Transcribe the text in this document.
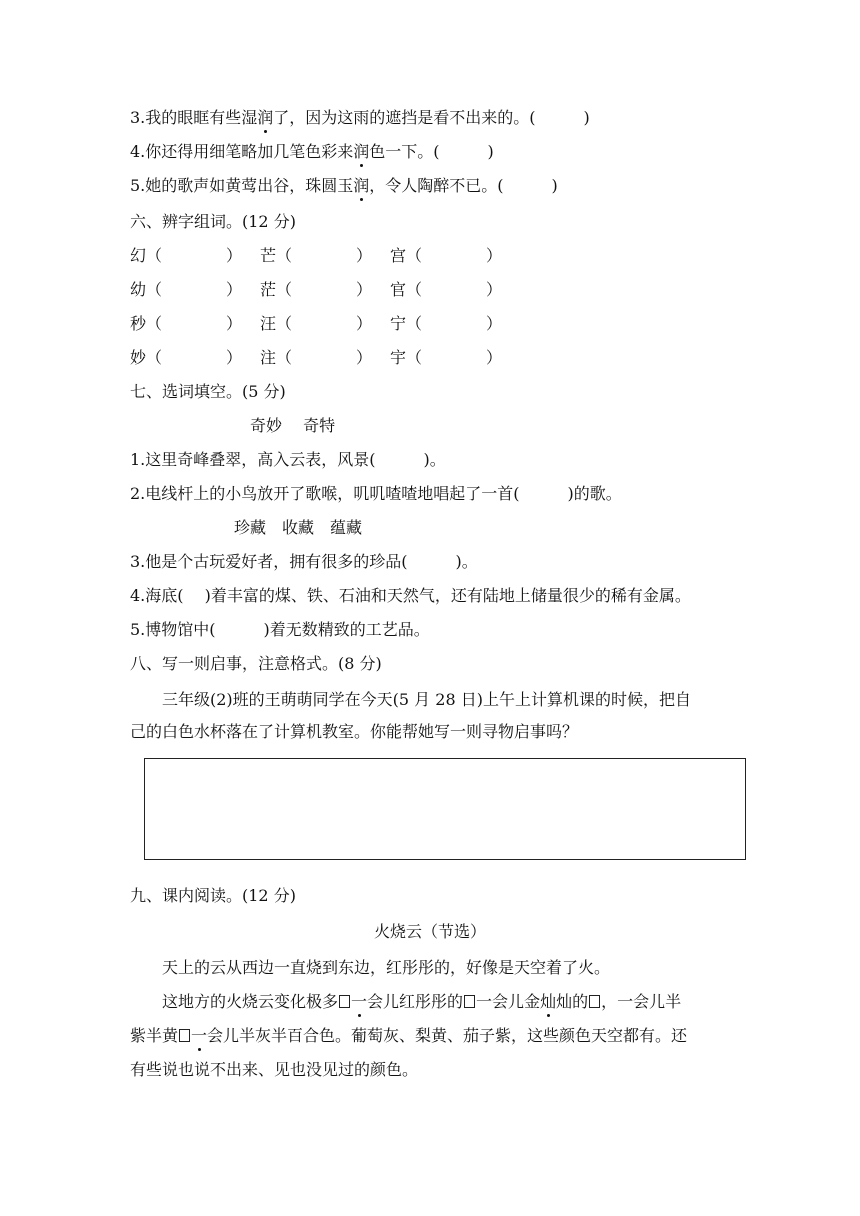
3.我的眼眶有些湿润了，因为这雨的遮挡是看不出来的。(　　　)
4.你还得用细笔略加几笔色彩来润色一下。(　　　)
5.她的歌声如黄莺出谷，珠圆玉润，令人陶醉不已。(　　　)
六、辨字组词。(12 分)
幻（　　　　） 芒（　　　　） 宫（　　　　）
幼（　　　　） 茫（　　　　） 官（　　　　）
秒（　　　　） 汪（　　　　） 宁（　　　　）
妙（　　　　） 注（　　　　） 宇（　　　　）
七、选词填空。(5 分)
奇妙　 奇特
1.这里奇峰叠翠，高入云表，风景(　　　)。
2.电线杆上的小鸟放开了歌喉，叽叽喳喳地唱起了一首(　　　)的歌。
珍藏　收藏　蕴藏
3.他是个古玩爱好者，拥有很多的珍品(　　　)。
4.海底(　 )着丰富的煤、铁、石油和天然气，还有陆地上储量很少的稀有金属。
5.博物馆中(　　　)着无数精致的工艺品。
八、写一则启事，注意格式。(8 分)
三年级(2)班的王萌萌同学在今天(5 月 28 日)上午上计算机课的时候，把自
己的白色水杯落在了计算机教室。你能帮她写一则寻物启事吗？
九、课内阅读。(12 分)
火烧云（节选）
天上的云从西边一直烧到东边，红彤彤的，好像是天空着了火。
这地方的火烧云变化极多 一会儿红彤彤的 一会儿金灿灿的 ，一会儿半
紫半黄 一会儿半灰半百合色。葡萄灰、梨黄、茄子紫，这些颜色天空都有。还
有些说也说不出来、见也没见过的颜色。
